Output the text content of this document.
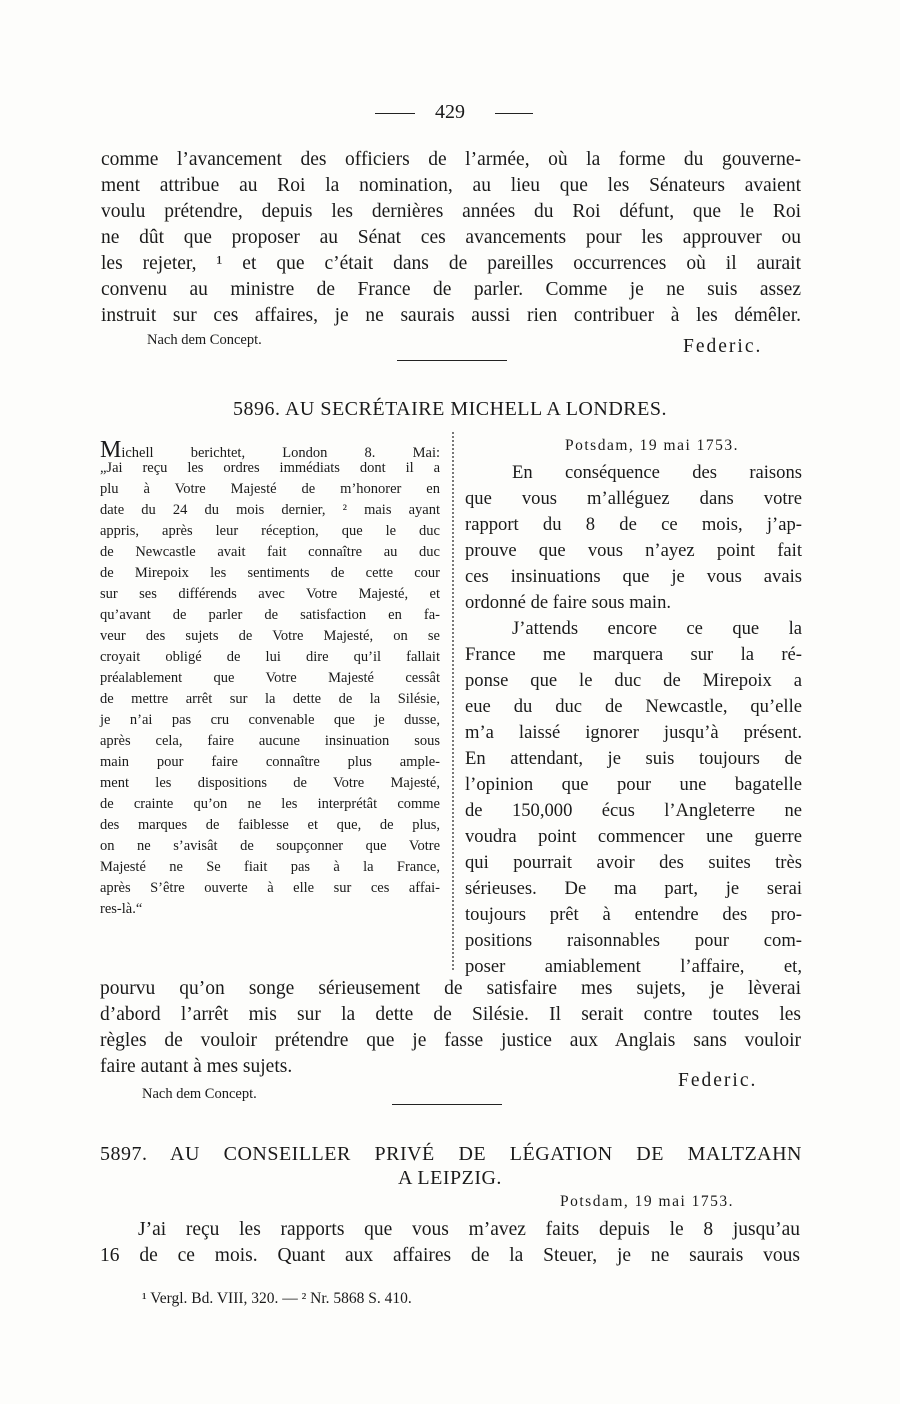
429
comme l’avancement des officiers de l’armée, où la forme du gouverne-
ment attribue au Roi la nomination, au lieu que les Sénateurs avaient
voulu prétendre, depuis les dernières années du Roi défunt, que le Roi
ne dût que proposer au Sénat ces avancements pour les approuver ou
les rejeter, ¹ et que c’était dans de pareilles occurrences où il aurait
convenu au ministre de France de parler. Comme je ne suis assez
instruit sur ces affaires, je ne saurais aussi rien contribuer à les démêler.
Nach dem Concept.	Federic.
5896. AU SECRÉTAIRE MICHELL A LONDRES.
Michell berichtet, London 8. Mai:
„Jai reçu les ordres immédiats dont il a
plu à Votre Majesté de m’honorer en
date du 24 du mois dernier, ² mais ayant
appris, après leur réception, que le duc
de Newcastle avait fait connaître au duc
de Mirepoix les sentiments de cette cour
sur ses différends avec Votre Majesté, et
qu’avant de parler de satisfaction en fa-
veur des sujets de Votre Majesté, on se
croyait obligé de lui dire qu’il fallait
préalablement que Votre Majesté cessât
de mettre arrêt sur la dette de la Silésie,
je n’ai pas cru convenable que je dusse,
après cela, faire aucune insinuation sous
main pour faire connaître plus ample-
ment les dispositions de Votre Majesté,
de crainte qu’on ne les interprétât comme
des marques de faiblesse et que, de plus,
on ne s’avisât de soupçonner que Votre
Majesté ne Se fiait pas à la France,
après S’être ouverte à elle sur ces affai-
res-là.“
Potsdam, 19 mai 1753.
En conséquence des raisons
que vous m’alléguez dans votre
rapport du 8 de ce mois, j’ap-
prouve que vous n’ayez point fait
ces insinuations que je vous avais
ordonné de faire sous main.
J’attends encore ce que la
France me marquera sur la ré-
ponse que le duc de Mirepoix a
eue du duc de Newcastle, qu’elle
m’a laissé ignorer jusqu’à présent.
En attendant, je suis toujours de
l’opinion que pour une bagatelle
de 150,000 écus l’Angleterre ne
voudra point commencer une guerre
qui pourrait avoir des suites très
sérieuses. De ma part, je serai
toujours prêt à entendre des pro-
positions raisonnables pour com-
poser amiablement l’affaire, et,
pourvu qu’on songe sérieusement de satisfaire mes sujets, je lèverai
d’abord l’arrêt mis sur la dette de Silésie. Il serait contre toutes les
règles de vouloir prétendre que je fasse justice aux Anglais sans vouloir
faire autant à mes sujets.
Federic.
Nach dem Concept.
5897. AU CONSEILLER PRIVÉ DE LÉGATION DE MALTZAHN
A LEIPZIG.
Potsdam, 19 mai 1753.
J’ai reçu les rapports que vous m’avez faits depuis le 8 jusqu’au
16 de ce mois. Quant aux affaires de la Steuer, je ne saurais vous
¹ Vergl. Bd. VIII, 320. — ² Nr. 5868 S. 410.
